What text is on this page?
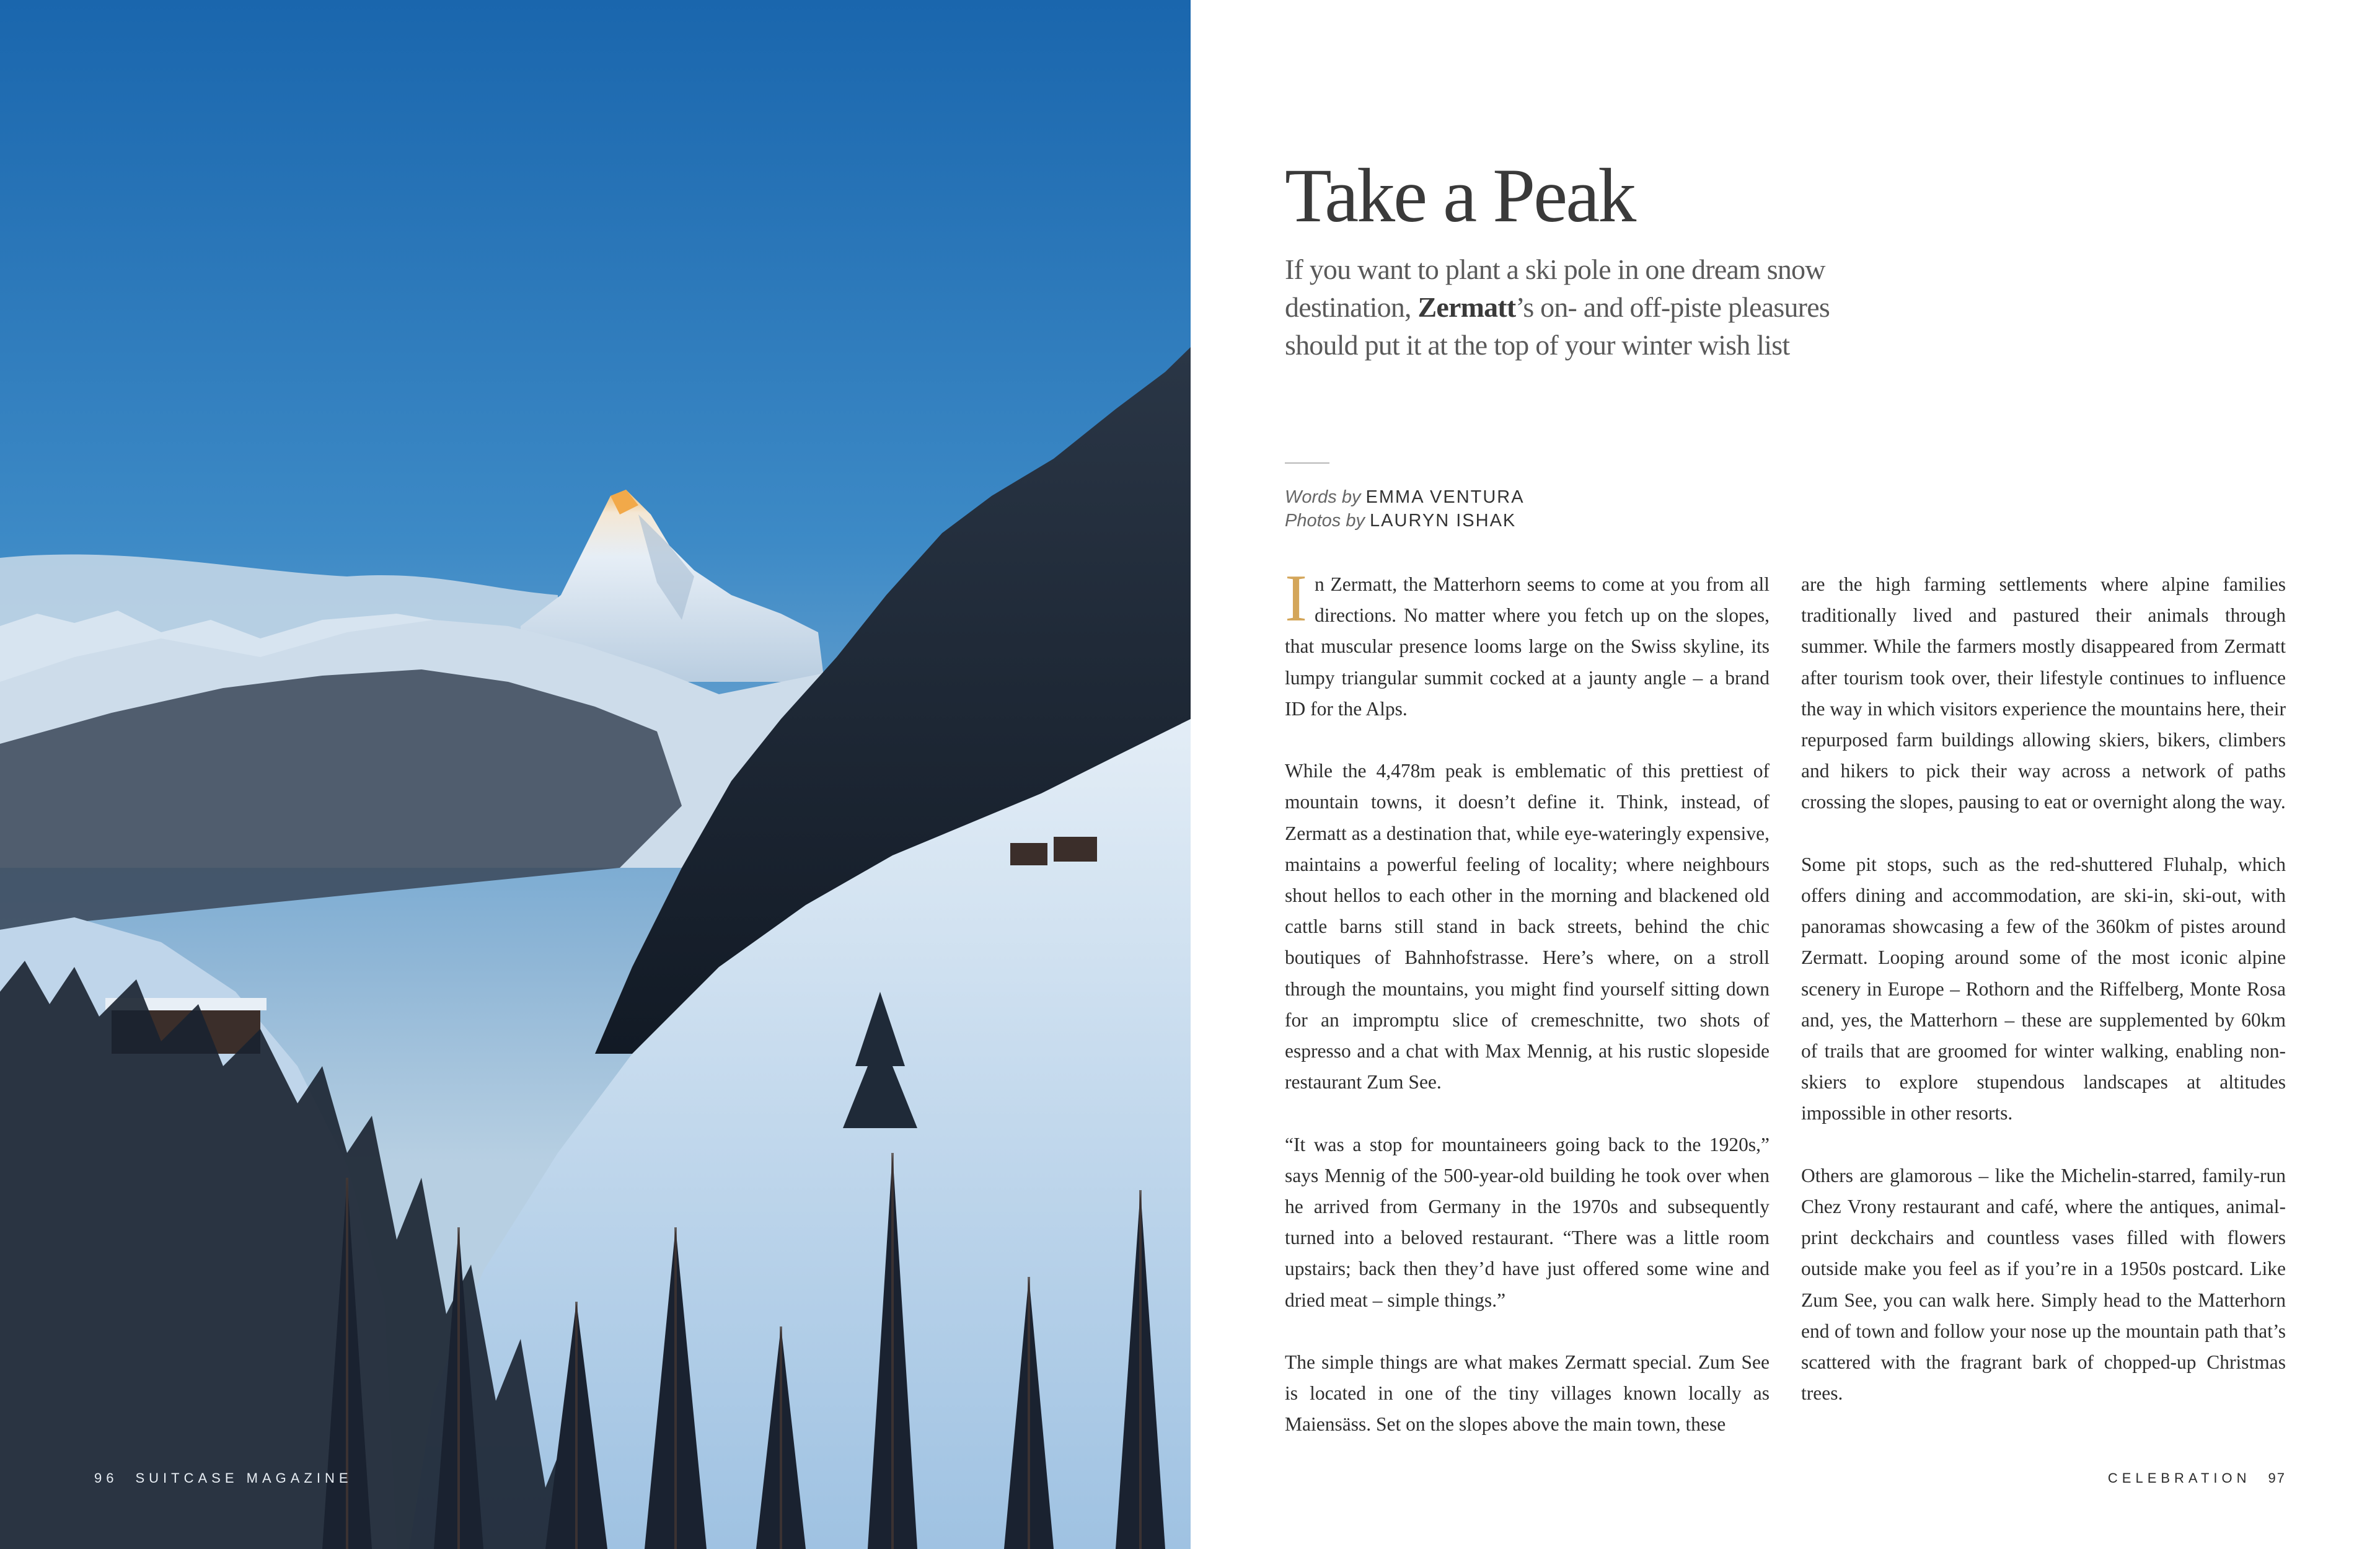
96 SUITCASE MAGAZINE
Take a Peak

If you want to plant a ski pole in one dream snow destination, Zermatt’s on- and off-piste pleasures should put it at the top of your winter wish list

Words by EMMA VENTURA
Photos by LAURYN ISHAK

In Zermatt, the Matterhorn seems to come at you from all directions. No matter where you fetch up on the slopes, that muscular presence looms large on the Swiss skyline, its lumpy triangular summit cocked at a jaunty angle – a brand ID for the Alps.

While the 4,478m peak is emblematic of this prettiest of mountain towns, it doesn’t define it. Think, instead, of Zermatt as a destination that, while eye-wateringly expensive, maintains a powerful feeling of locality; where neighbours shout hellos to each other in the morning and blackened old cattle barns still stand in back streets, behind the chic boutiques of Bahnhofstrasse. Here’s where, on a stroll through the mountains, you might find yourself sitting down for an impromptu slice of cremeschnitte, two shots of espresso and a chat with Max Mennig, at his rustic slopeside restaurant Zum See.

“It was a stop for mountaineers going back to the 1920s,” says Mennig of the 500-year-old building he took over when he arrived from Germany in the 1970s and subsequently turned into a beloved restaurant. “There was a little room upstairs; back then they’d have just offered some wine and dried meat – simple things.”

The simple things are what makes Zermatt special. Zum See is located in one of the tiny villages known locally as Maiensäss. Set on the slopes above the main town, these

are the high farming settlements where alpine families traditionally lived and pastured their animals through summer. While the farmers mostly disappeared from Zermatt after tourism took over, their lifestyle continues to influence the way in which visitors experience the mountains here, their repurposed farm buildings allowing skiers, bikers, climbers and hikers to pick their way across a network of paths crossing the slopes, pausing to eat or overnight along the way.

Some pit stops, such as the red-shuttered Fluhalp, which offers dining and accommodation, are ski-in, ski-out, with panoramas showcasing a few of the 360km of pistes around Zermatt. Looping around some of the most iconic alpine scenery in Europe – Rothorn and the Riffelberg, Monte Rosa and, yes, the Matterhorn – these are supplemented by 60km of trails that are groomed for winter walking, enabling non-skiers to explore stupendous landscapes at altitudes impossible in other resorts.

Others are glamorous – like the Michelin-starred, family-run Chez Vrony restaurant and café, where the antiques, animal-print deckchairs and countless vases filled with flowers outside make you feel as if you’re in a 1950s postcard. Like Zum See, you can walk here. Simply head to the Matterhorn end of town and follow your nose up the mountain path that’s scattered with the fragrant bark of chopped-up Christmas trees.

CELEBRATION 97
